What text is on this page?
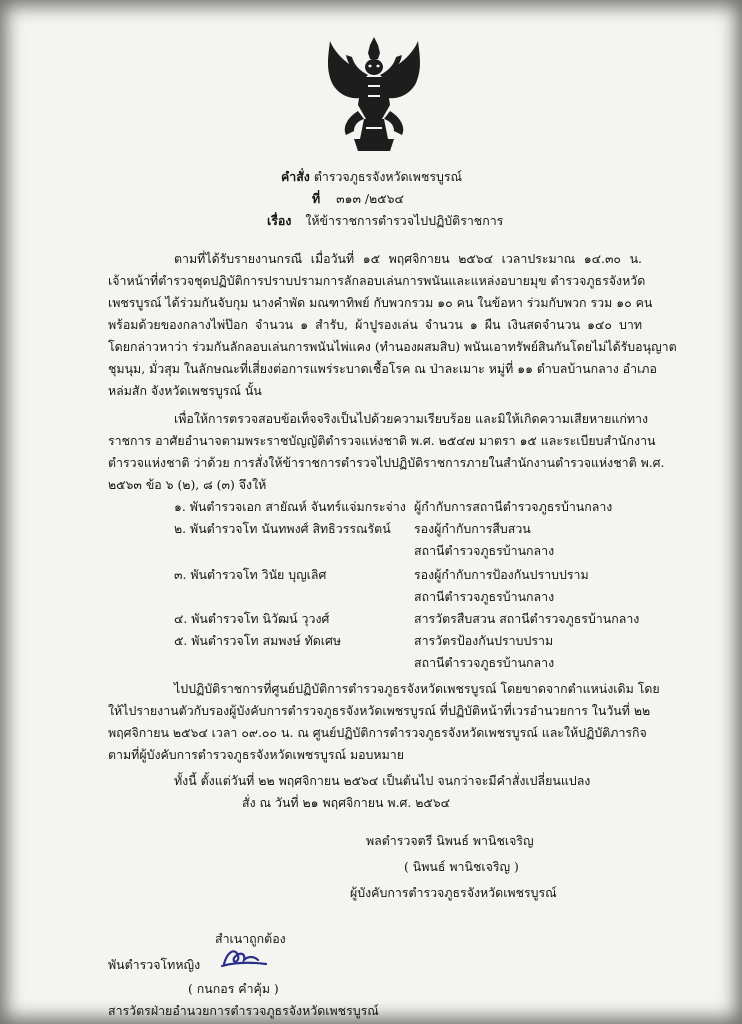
คำสั่ง ตำรวจภูธรจังหวัดเพชรบูรณ์
ที่ ๓๑๓ /๒๕๖๔
เรื่อง ให้ข้าราชการตำรวจไปปฏิบัติราชการ
ตามที่ได้รับรายงานกรณี เมื่อวันที่ ๑๕ พฤศจิกายน ๒๕๖๔ เวลาประมาณ ๑๔.๓๐ น.
เจ้าหน้าที่ตำรวจชุดปฏิบัติการปราบปรามการลักลอบเล่นการพนันและแหล่งอบายมุข ตำรวจภูธรจังหวัด
เพชรบูรณ์ ได้ร่วมกันจับกุม นางคำพัด มณฑาทิพย์ กับพวกรวม ๑๐ คน ในข้อหา ร่วมกับพวก รวม ๑๐ คน
พร้อมด้วยของกลางไพ่ป๊อก จำนวน ๑ สำรับ, ผ้าปูรองเล่น จำนวน ๑ ผืน เงินสดจำนวน ๑๔๐ บาท
โดยกล่าวหาว่า ร่วมกันลักลอบเล่นการพนันไพ่แคง (ทำนองผสมสิบ) พนันเอาทรัพย์สินกันโดยไม่ได้รับอนุญาต
ชุมนุม, มั่วสุม ในลักษณะที่เสี่ยงต่อการแพร่ระบาดเชื้อโรค ณ ป่าละเมาะ หมู่ที่ ๑๑ ตำบลบ้านกลาง อำเภอ
หล่มสัก จังหวัดเพชรบูรณ์ นั้น
เพื่อให้การตรวจสอบข้อเท็จจริงเป็นไปด้วยความเรียบร้อย และมิให้เกิดความเสียหายแก่ทาง
ราชการ อาศัยอำนาจตามพระราชบัญญัติตำรวจแห่งชาติ พ.ศ. ๒๕๔๗ มาตรา ๑๕ และระเบียบสำนักงาน
ตำรวจแห่งชาติ ว่าด้วย การสั่งให้ข้าราชการตำรวจไปปฏิบัติราชการภายในสำนักงานตำรวจแห่งชาติ พ.ศ.
๒๕๖๓ ข้อ ๖ (๒), ๘ (๓) จึงให้
๑. พันตำรวจเอก สายัณห์ จันทร์แจ่มกระจ่าง ผู้กำกับการสถานีตำรวจภูธรบ้านกลาง
๒. พันตำรวจโท นันทพงศ์ สิทธิวรรณรัตน์ รองผู้กำกับการสืบสวน
สถานีตำรวจภูธรบ้านกลาง
๓. พันตำรวจโท วินัย บุญเลิศ	รองผู้กำกับการป้องกันปราบปราม
สถานีตำรวจภูธรบ้านกลาง
๔. พันตำรวจโท นิวัฒน์ วุวงศ์	สารวัตรสืบสวน สถานีตำรวจภูธรบ้านกลาง
๕. พันตำรวจโท สมพงษ์ ทัดเศษ	สารวัตรป้องกันปราบปราม
สถานีตำรวจภูธรบ้านกลาง
ไปปฏิบัติราชการที่ศูนย์ปฏิบัติการตำรวจภูธรจังหวัดเพชรบูรณ์ โดยขาดจากตำแหน่งเดิม โดย
ให้ไปรายงานตัวกับรองผู้บังคับการตำรวจภูธรจังหวัดเพชรบูรณ์ ที่ปฏิบัติหน้าที่เวรอำนวยการ ในวันที่ ๒๒
พฤศจิกายน ๒๕๖๔ เวลา ๐๙.๐๐ น. ณ ศูนย์ปฏิบัติการตำรวจภูธรจังหวัดเพชรบูรณ์ และให้ปฏิบัติภารกิจ
ตามที่ผู้บังคับการตำรวจภูธรจังหวัดเพชรบูรณ์ มอบหมาย
ทั้งนี้ ตั้งแต่วันที่ ๒๒ พฤศจิกายน ๒๕๖๔ เป็นต้นไป จนกว่าจะมีคำสั่งเปลี่ยนแปลง
สั่ง ณ วันที่ ๒๑ พฤศจิกายน พ.ศ. ๒๕๖๔
พลตำรวจตรี นิพนธ์ พานิชเจริญ
( นิพนธ์ พานิชเจริญ )
ผู้บังคับการตำรวจภูธรจังหวัดเพชรบูรณ์
สำเนาถูกต้อง
พันตำรวจโทหญิง
( กนกอร คำคุ้ม )
สารวัตรฝ่ายอำนวยการตำรวจภูธรจังหวัดเพชรบูรณ์
